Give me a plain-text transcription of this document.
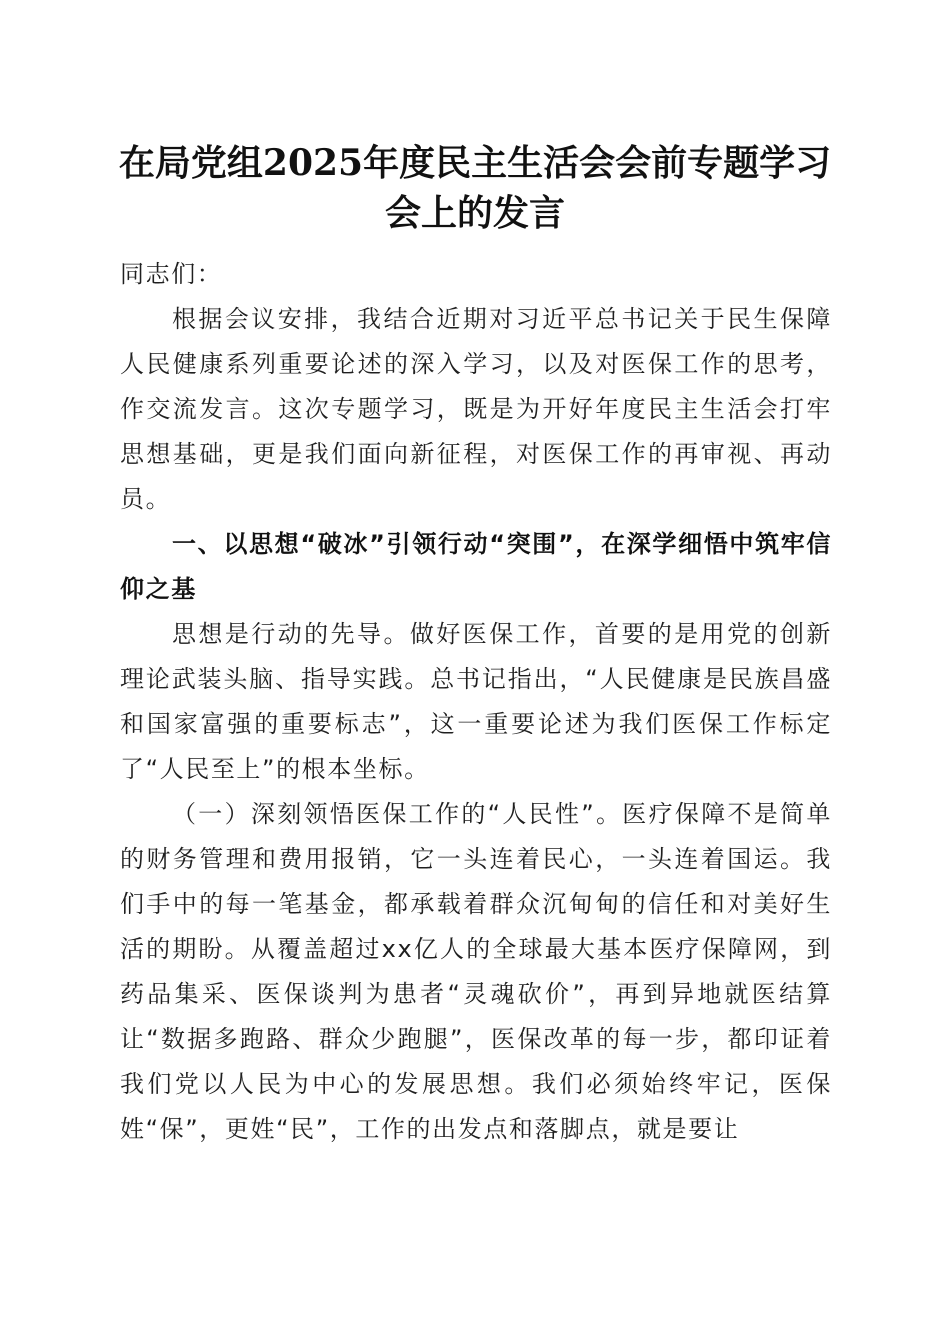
在局党组2025年度民主生活会会前专题学习
会上的发言

同志们：

根据会议安排，我结合近期对习近平总书记关于民生保障人民健康系列重要论述的深入学习，以及对医保工作的思考，作交流发言。这次专题学习，既是为开好年度民主生活会打牢思想基础，更是我们面向新征程，对医保工作的再审视、再动员。

一、以思想“破冰”引领行动“突围”，在深学细悟中筑牢信仰之基

思想是行动的先导。做好医保工作，首要的是用党的创新理论武装头脑、指导实践。总书记指出，“人民健康是民族昌盛和国家富强的重要标志”，这一重要论述为我们医保工作标定了“人民至上”的根本坐标。

（一）深刻领悟医保工作的“人民性”。医疗保障不是简单的财务管理和费用报销，它一头连着民心，一头连着国运。我们手中的每一笔基金，都承载着群众沉甸甸的信任和对美好生活的期盼。从覆盖超过xx亿人的全球最大基本医疗保障网，到药品集采、医保谈判为患者“灵魂砍价”，再到异地就医结算让“数据多跑路、群众少跑腿”，医保改革的每一步，都印证着我们党以人民为中心的发展思想。我们必须始终牢记，医保姓“保”，更姓“民”，工作的出发点和落脚点，就是要让
